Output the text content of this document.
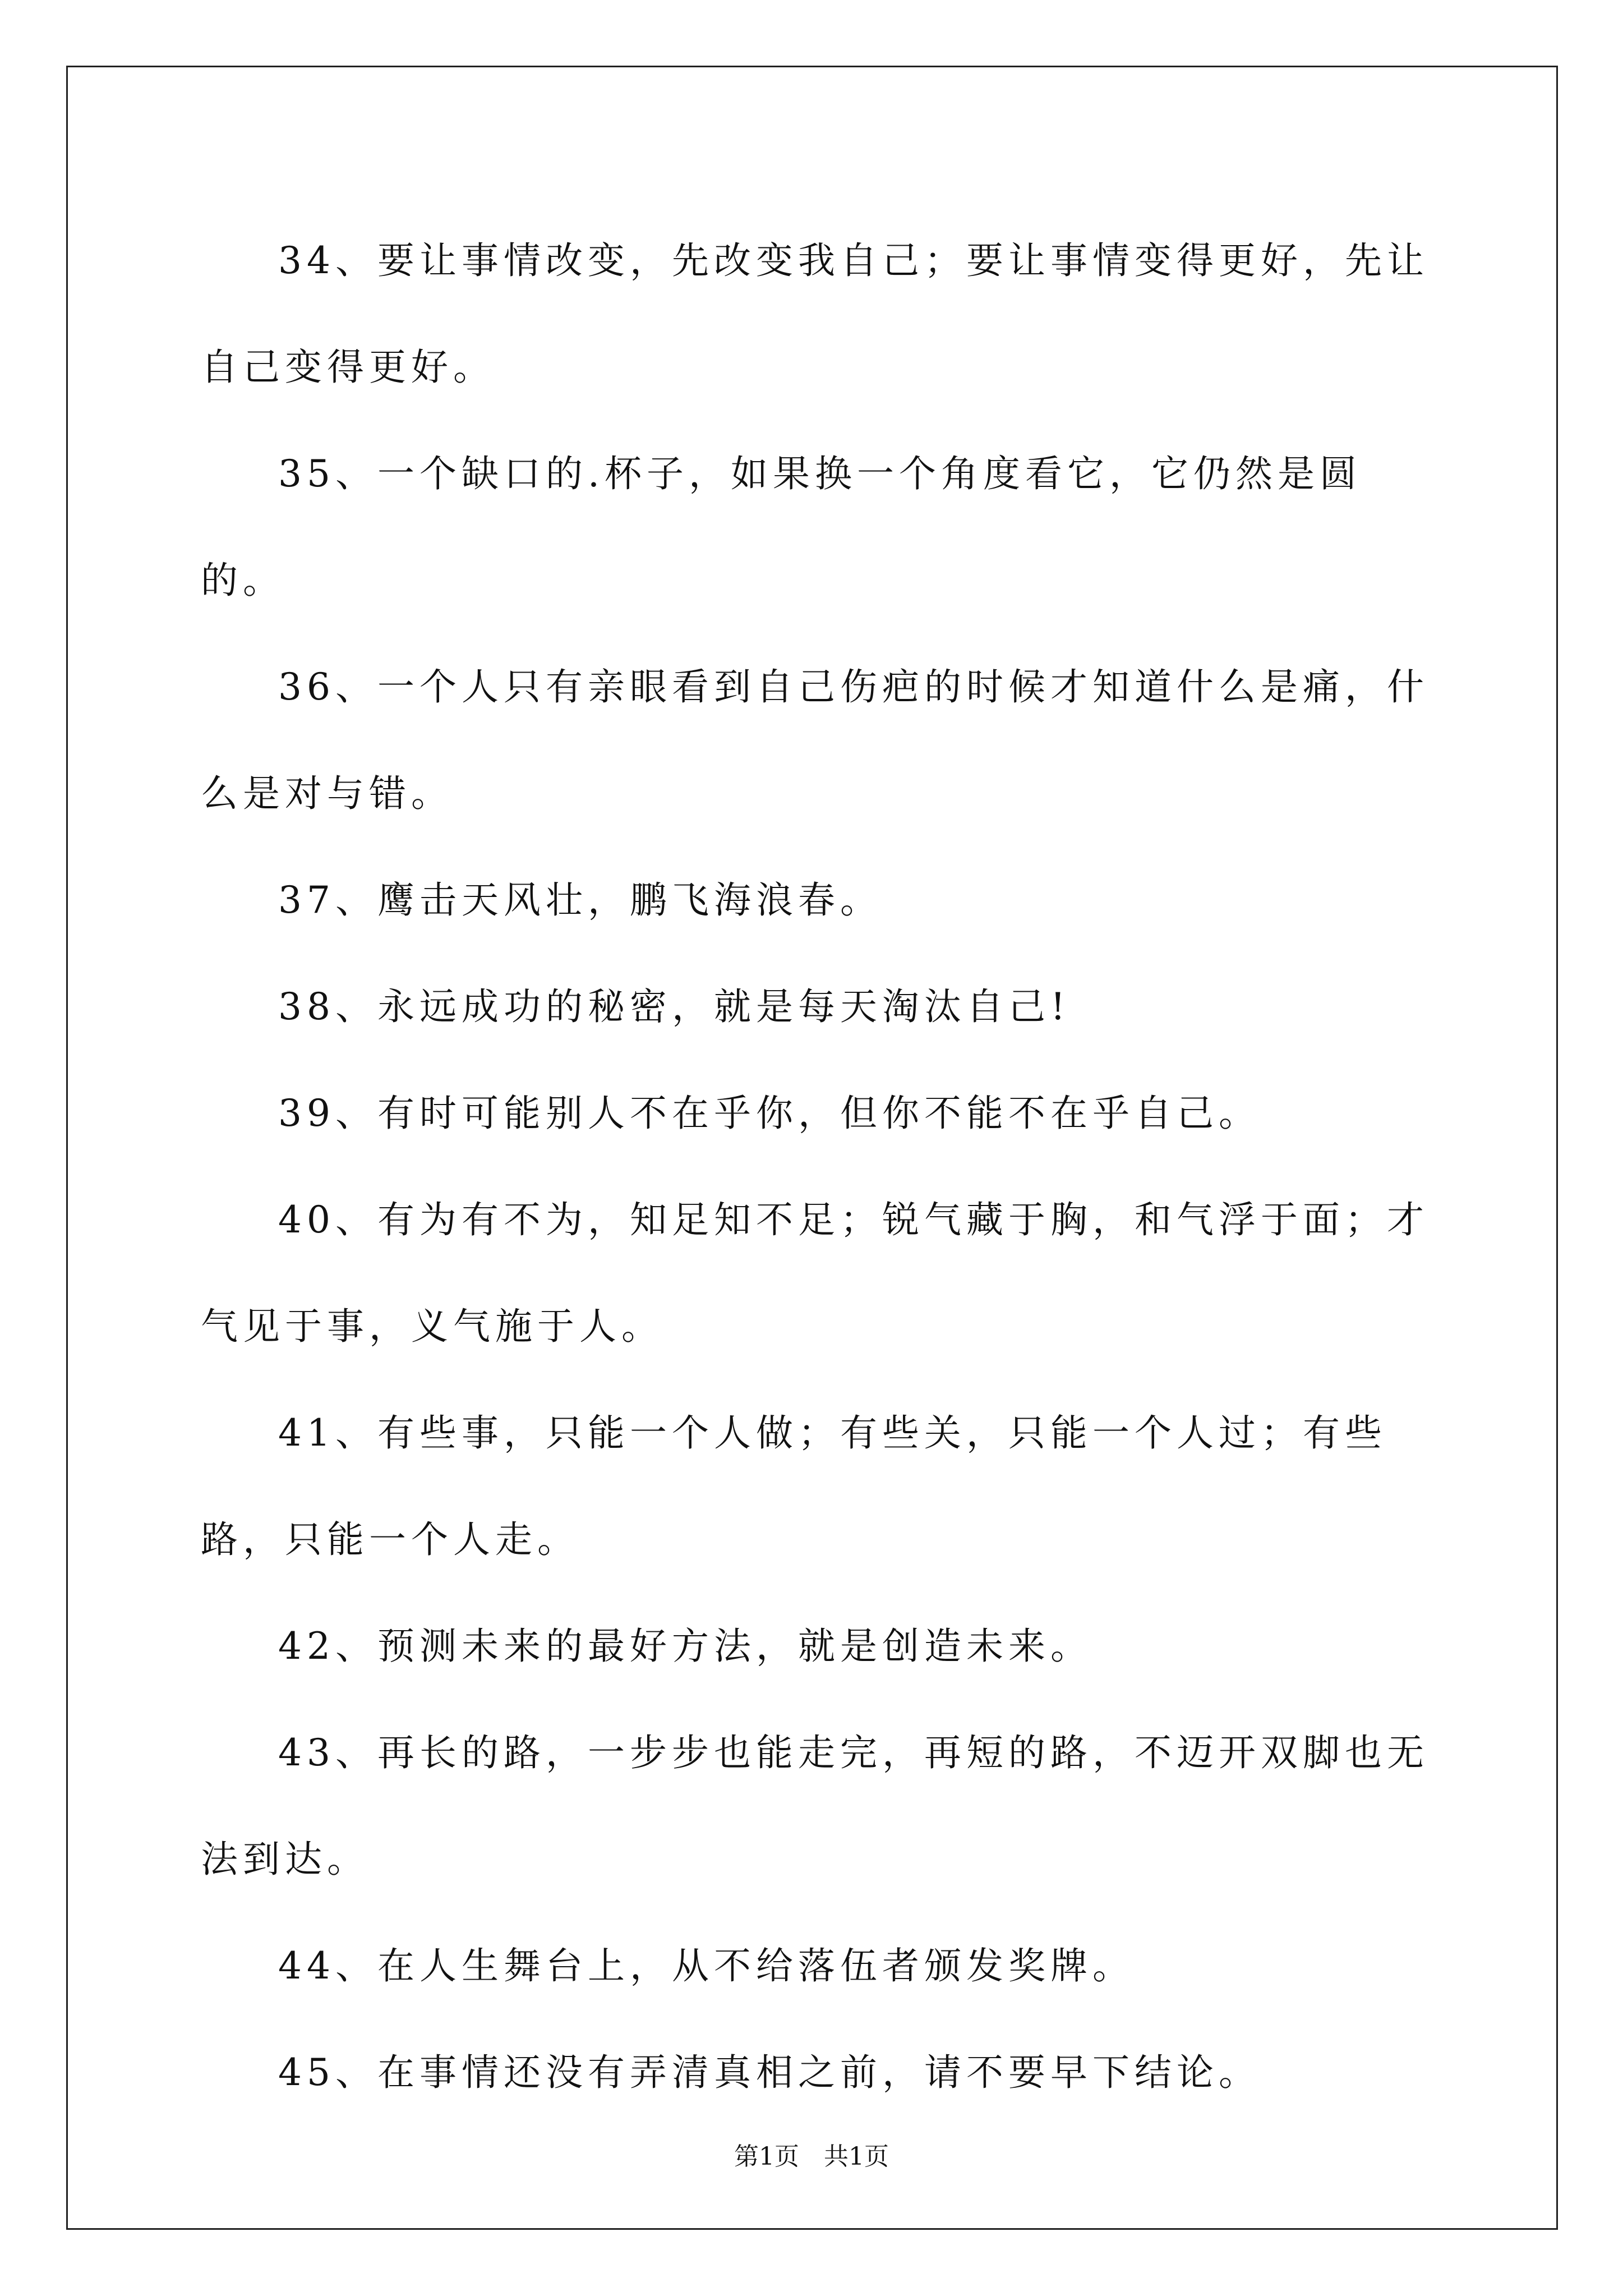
34、要让事情改变，先改变我自己；要让事情变得更好，先让自己变得更好。

35、一个缺口的.杯子，如果换一个角度看它，它仍然是圆的。

36、一个人只有亲眼看到自己伤疤的时候才知道什么是痛，什么是对与错。

37、鹰击天风壮，鹏飞海浪春。

38、永远成功的秘密，就是每天淘汰自己!

39、有时可能别人不在乎你，但你不能不在乎自己。

40、有为有不为，知足知不足；锐气藏于胸，和气浮于面；才气见于事，义气施于人。

41、有些事，只能一个人做；有些关，只能一个人过；有些路，只能一个人走。

42、预测未来的最好方法，就是创造未来。

43、再长的路，一步步也能走完，再短的路，不迈开双脚也无法到达。

44、在人生舞台上，从不给落伍者颁发奖牌。

45、在事情还没有弄清真相之前，请不要早下结论。

第1页　共1页
